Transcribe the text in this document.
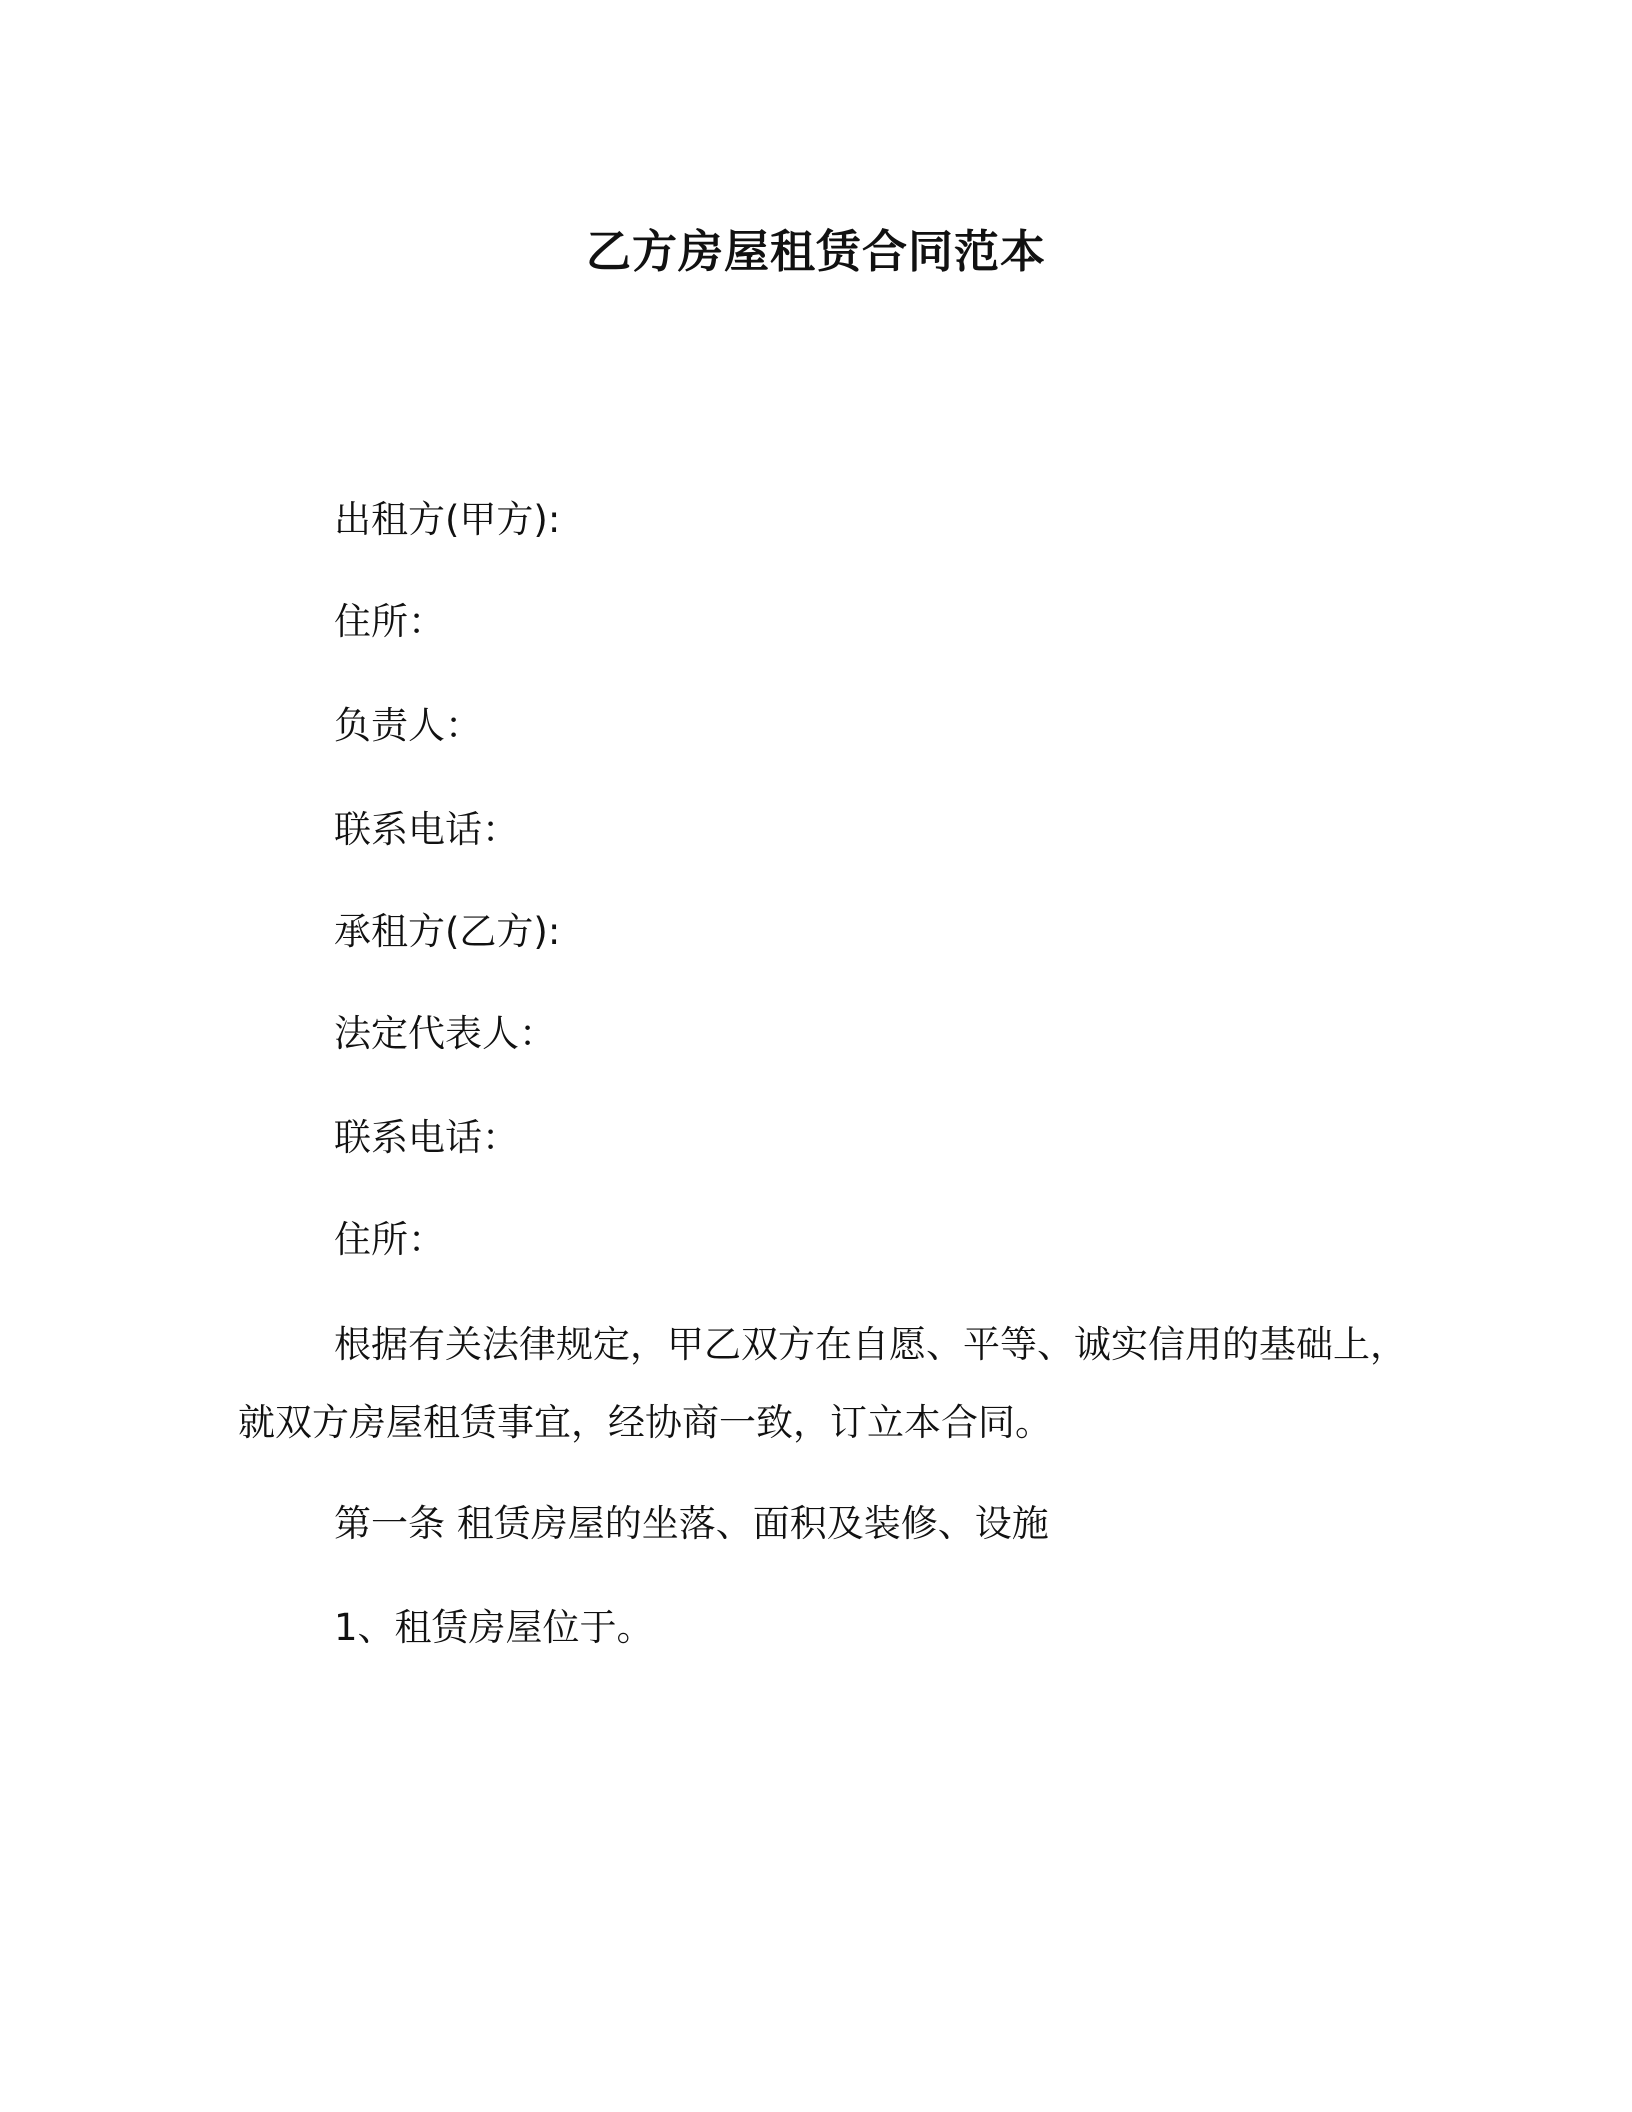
乙方房屋租赁合同范本

出租方(甲方):

住所：

负责人：

联系电话：

承租方(乙方):

法定代表人：

联系电话：

住所：

根据有关法律规定，甲乙双方在自愿、平等、诚实信用的基础上，就双方房屋租赁事宜，经协商一致，订立本合同。

第一条 租赁房屋的坐落、面积及装修、设施

1、租赁房屋位于。
